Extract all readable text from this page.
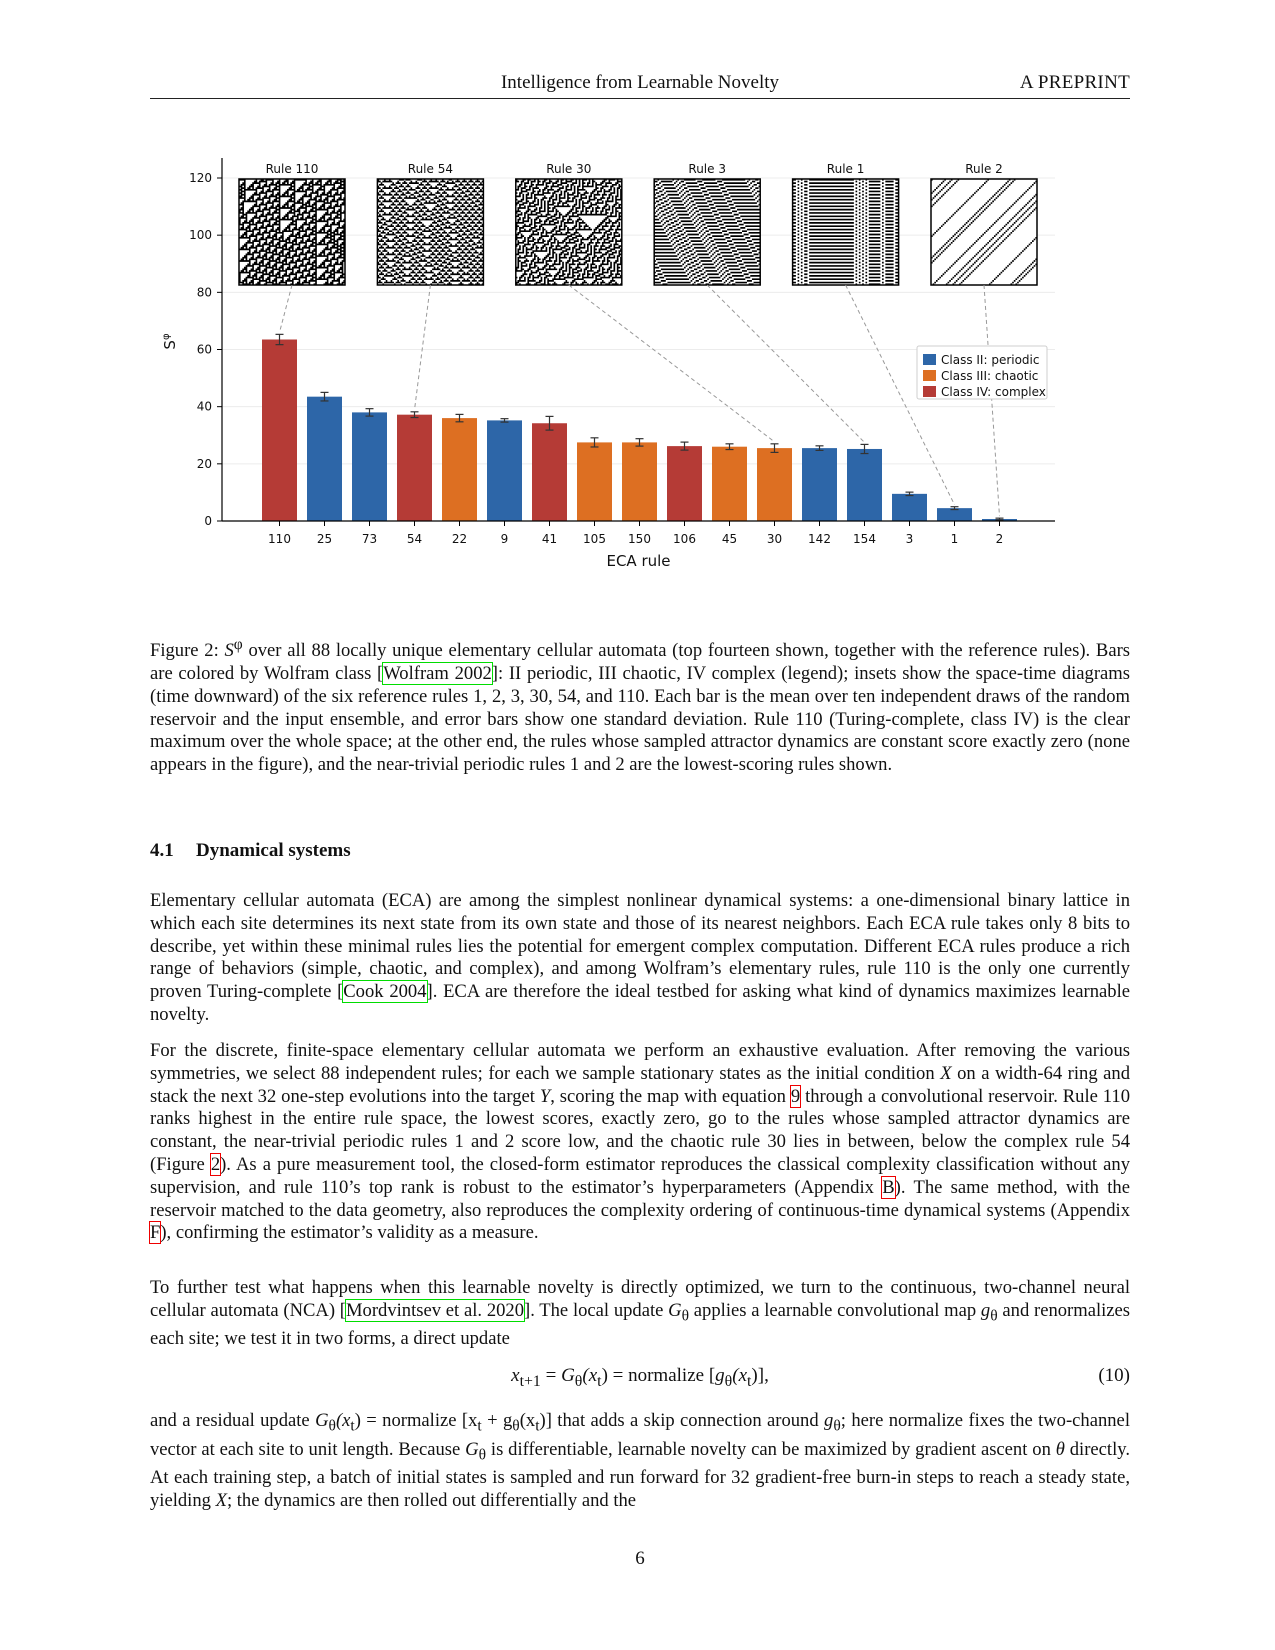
Intelligence from Learnable Novelty	A PREPRINT
0
20
40
60
80
100
120
110 25 73 54 22	9	41 105 150 106 45 30 142 154 3	1	2
ECA rule
$S^\varphi$
Rule 110	Rule 54	Rule 30	Rule 3	Rule 1	Rule 2
Class II: periodic
Class III: chaotic
Class IV: complex

Figure 2: $S^\varphi$ over all 88 locally unique elementary cellular automata (top fourteen shown, together with the reference rules). Bars are colored by Wolfram class [Wolfram 2002]: II periodic, III chaotic, IV complex (legend); insets show the space-time diagrams (time downward) of the six reference rules 1, 2, 3, 30, 54, and 110. Each bar is the mean over ten independent draws of the random reservoir and the input ensemble, and error bars show one standard deviation. Rule 110 (Turing-complete, class IV) is the clear maximum over the whole space; at the other end, the rules whose sampled attractor dynamics are constant score exactly zero (none appears in the figure), and the near-trivial periodic rules 1 and 2 are the lowest-scoring rules shown.

4.1 Dynamical systems

Elementary cellular automata (ECA) are among the simplest nonlinear dynamical systems: a one-dimensional binary lattice in which each site determines its next state from its own state and those of its nearest neighbors. Each ECA rule takes only 8 bits to describe, yet within these minimal rules lies the potential for emergent complex computation. Different ECA rules produce a rich range of behaviors (simple, chaotic, and complex), and among Wolfram’s elementary rules, rule 110 is the only one currently proven Turing-complete [Cook 2004]. ECA are therefore the ideal testbed for asking what kind of dynamics maximizes learnable novelty.

For the discrete, finite-space elementary cellular automata we perform an exhaustive evaluation. After removing the various symmetries, we select 88 independent rules; for each we sample stationary states as the initial condition X on a width-64 ring and stack the next 32 one-step evolutions into the target Y, scoring the map with equation 9 through a convolutional reservoir. Rule 110 ranks highest in the entire rule space, the lowest scores, exactly zero, go to the rules whose sampled attractor dynamics are constant, the near-trivial periodic rules 1 and 2 score low, and the chaotic rule 30 lies in between, below the complex rule 54 (Figure 2). As a pure measurement tool, the closed-form estimator reproduces the classical complexity classification without any supervision, and rule 110’s top rank is robust to the estimator’s hyperparameters (Appendix B). The same method, with the reservoir matched to the data geometry, also reproduces the complexity ordering of continuous-time dynamical systems (Appendix F), confirming the estimator’s validity as a measure.

To further test what happens when this learnable novelty is directly optimized, we turn to the continuous, two-channel neural cellular automata (NCA) [Mordvintsev et al. 2020]. The local update $G_\theta$ applies a learnable convolutional map $g_\theta$ and renormalizes each site; we test it in two forms, a direct update

$x_{t+1} = G_\theta(x_t)$ = normalize $[g_\theta(x_t)]$,	(10)

and a residual update $G_\theta(x_t)$ = normalize $[x_t + g_\theta(x_t)]$ that adds a skip connection around $g_\theta$; here normalize fixes the two-channel vector at each site to unit length. Because $G_\theta$ is differentiable, learnable novelty can be maximized by gradient ascent on θ directly. At each training step, a batch of initial states is sampled and run forward for 32 gradient-free burn-in steps to reach a steady state, yielding X; the dynamics are then rolled out differentially and the

6
